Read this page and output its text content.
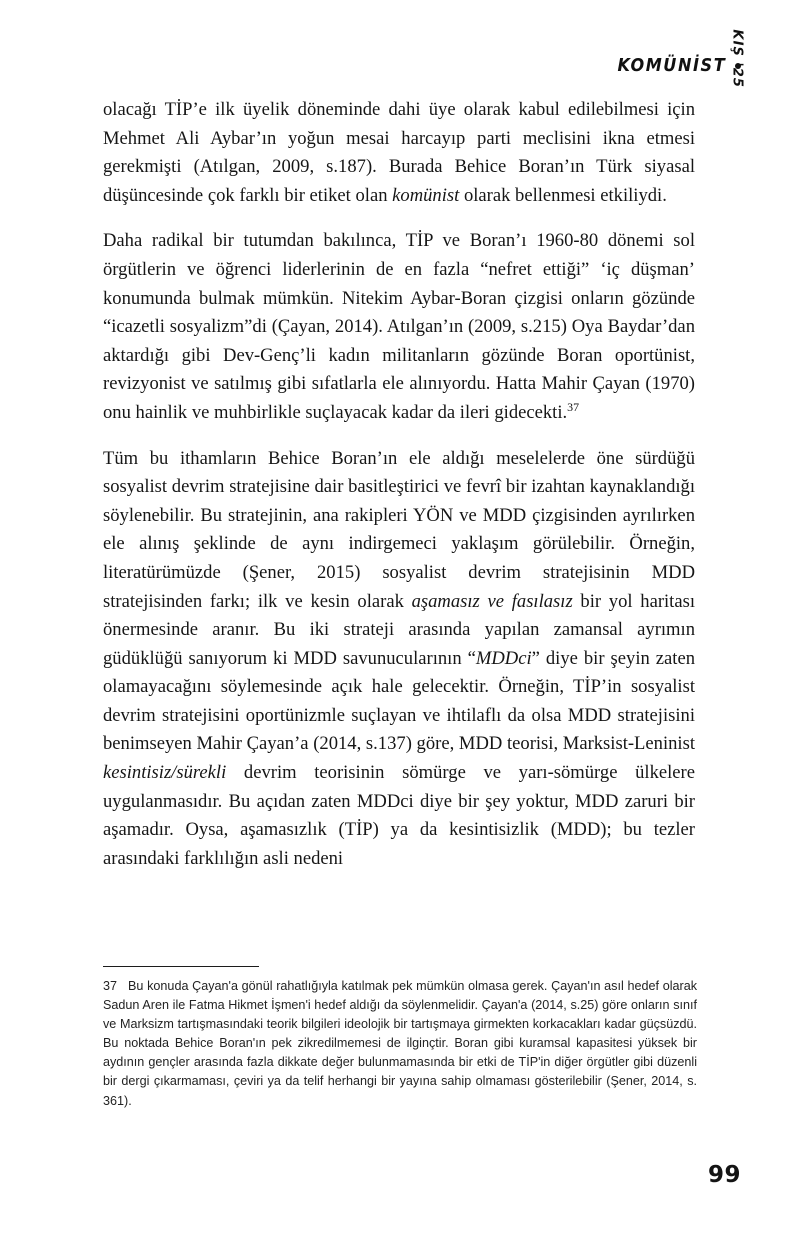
KOMÜNİST KIŞ '25

olacağı TİP’e ilk üyelik döneminde dahi üye olarak kabul edilebilmesi için Mehmet Ali Aybar’ın yoğun mesai harcayıp parti meclisini ikna etmesi gerekmişti (Atılgan, 2009, s.187). Burada Behice Boran’ın Türk siyasal düşüncesinde çok farklı bir etiket olan komünist olarak bellenmesi etkiliydi.

Daha radikal bir tutumdan bakılınca, TİP ve Boran’ı 1960-80 dönemi sol örgütlerin ve öğrenci liderlerinin de en fazla “nefret ettiği” ‘iç düşman’ konumunda bulmak mümkün. Nitekim Aybar-Boran çizgisi onların gözünde “icazetli sosyalizm”di (Çayan, 2014). Atılgan’ın (2009, s.215) Oya Baydar’dan aktardığı gibi Dev-Genç’li kadın militanların gözünde Boran oportünist, revizyonist ve satılmış gibi sıfatlarla ele alınıyordu. Hatta Mahir Çayan (1970) onu hainlik ve muhbirlikle suçlayacak kadar da ileri gidecekti.$^{37}$

Tüm bu ithamların Behice Boran’ın ele aldığı meselelerde öne sürdüğü sosyalist devrim stratejisine dair basitleştirici ve fevrî bir izahtan kaynaklandığı söylenebilir. Bu stratejinin, ana rakipleri YÖN ve MDD çizgisinden ayrılırken ele alınış şeklinde de aynı indirgemeci yaklaşım görülebilir. Örneğin, literatürümüzde (Şener, 2015) sosyalist devrim stratejisinin MDD stratejisinden farkı; ilk ve kesin olarak aşamasız ve fasılasız bir yol haritası önermesinde aranır. Bu iki strateji arasında yapılan zamansal ayrımın güdüklüğü sanıyorum ki MDD savunucularının “MDDci” diye bir şeyin zaten olamayacağını söylemesinde açık hale gelecektir. Örneğin, TİP’in sosyalist devrim stratejisini oportünizmle suçlayan ve ihtilaflı da olsa MDD stratejisini benimseyen Mahir Çayan’a (2014, s.137) göre, MDD teorisi, Marksist-Leninist kesintisiz/sürekli devrim teorisinin sömürge ve yarı-sömürge ülkelere uygulanmasıdır. Bu açıdan zaten MDDci diye bir şey yoktur, MDD zaruri bir aşamadır. Oysa, aşamasızlık (TİP) ya da kesintisizlik (MDD); bu tezler arasındaki farklılığın asli nedeni

37 Bu konuda Çayan'a gönül rahatlığıyla katılmak pek mümkün olmasa gerek. Çayan'ın asıl hedef olarak Sadun Aren ile Fatma Hikmet İşmen'i hedef aldığı da söylenmelidir. Çayan'a (2014, s.25) göre onların sınıf ve Marksizm tartışmasındaki teorik bilgileri ideolojik bir tartışmaya girmekten korkacakları kadar güçsüzdü. Bu noktada Behice Boran'ın pek zikredilmemesi de ilginçtir. Boran gibi kuramsal kapasitesi yüksek bir aydının gençler arasında fazla dikkate değer bulunmamasında bir etki de TİP'in diğer örgütler gibi düzenli bir dergi çıkarmaması, çeviri ya da telif herhangi bir yayına sahip olmaması gösterilebilir (Şener, 2014, s. 361).

99
